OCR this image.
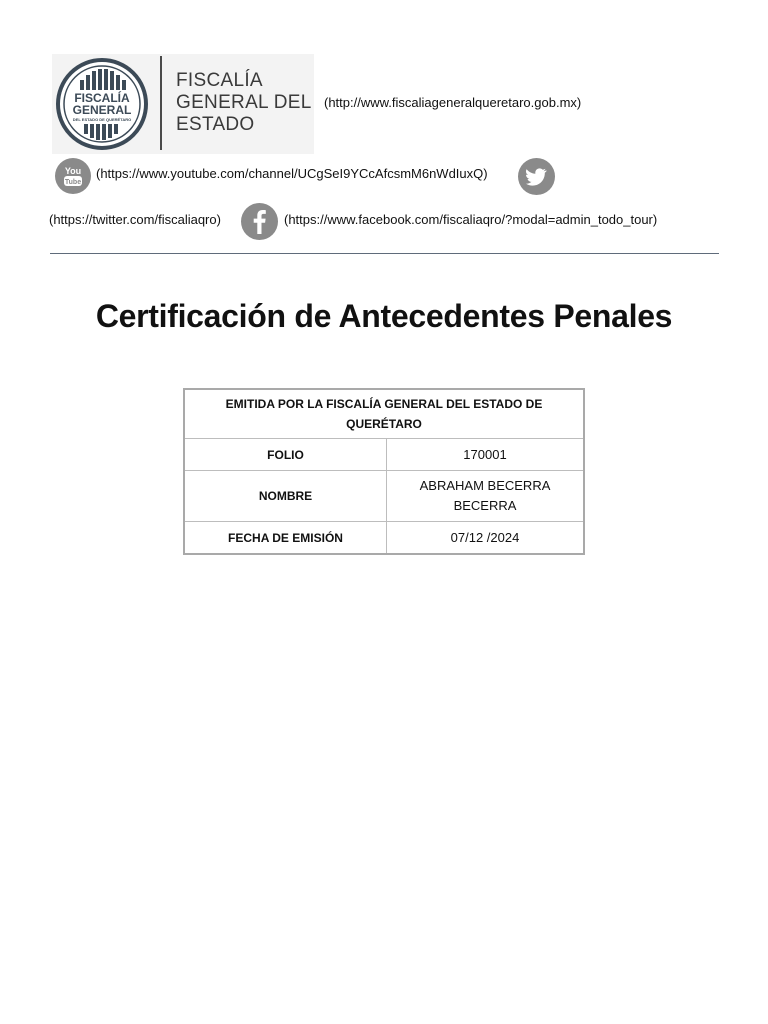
FISCALÍA
GENERAL
DEL ESTADO DE QUERÉTARO
FISCALÍA
GENERAL DEL
ESTADO
(http://www.fiscaliageneralqueretaro.gob.mx)
You
Tube
(https://www.youtube.com/channel/UCgSeI9YCcAfcsmM6nWdIuxQ)
(https://twitter.com/fiscaliaqro)	(https://www.facebook.com/fiscaliaqro/?modal=admin_todo_tour)
Certificación de Antecedentes Penales
EMITIDA POR LA FISCALÍA GENERAL DEL ESTADO DE QUERÉTARO	
FOLIO	170001
NOMBRE	ABRAHAM BECERRA BECERRA
FECHA DE EMISIÓN	07/12 /2024
